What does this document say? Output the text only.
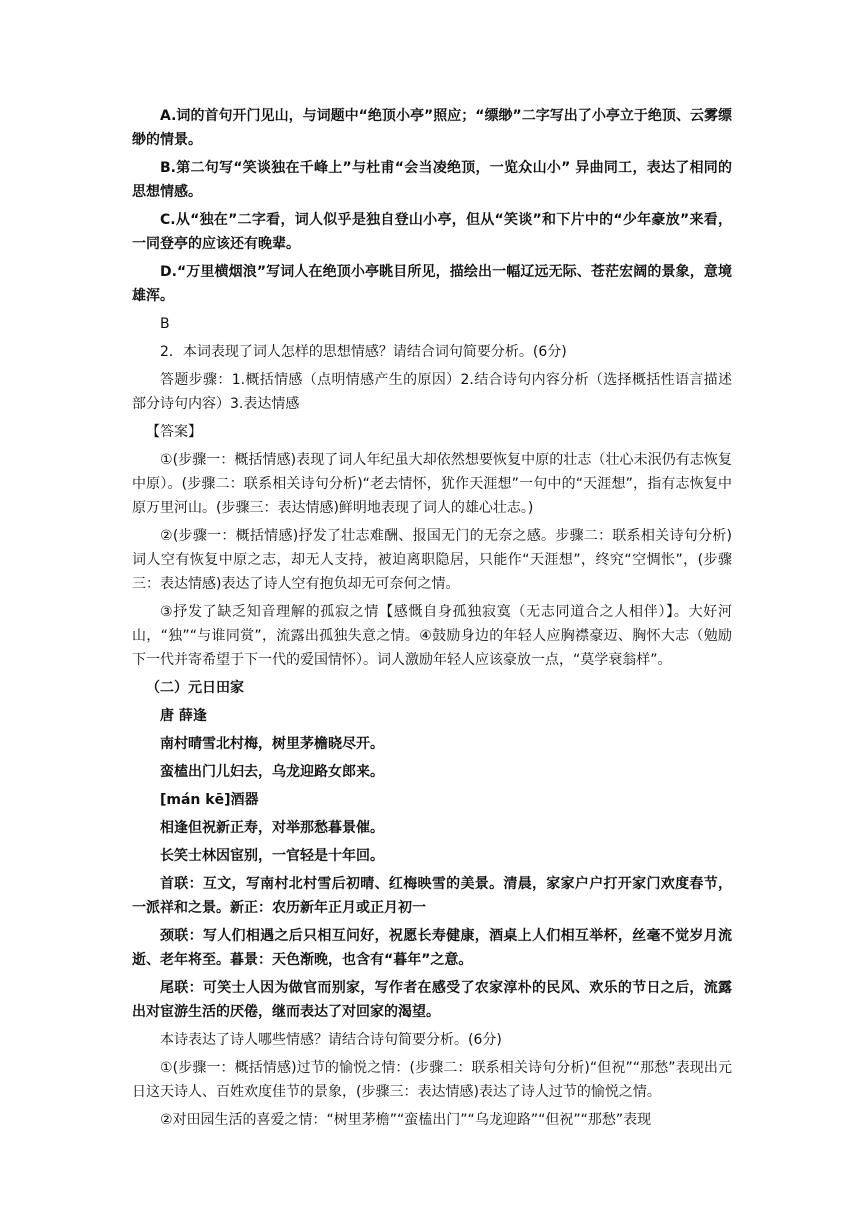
A.词的首句开门见山，与词题中“绝顶小亭”照应；“缥缈”二字写出了小亭立于绝顶、云雾缥缈的情景。

B.第二句写“笑谈独在千峰上”与杜甫“会当凌绝顶，一览众山小” 异曲同工，表达了相同的思想情感。

C.从“独在”二字看，词人似乎是独自登山小亭，但从“笑谈”和下片中的“少年豪放”来看，一同登亭的应该还有晚辈。

D.“万里横烟浪”写词人在绝顶小亭眺目所见，描绘出一幅辽远无际、苍茫宏阔的景象，意境雄浑。

B

2．本词表现了词人怎样的思想情感？请结合词句简要分析。(6分)

答题步骤：1.概括情感（点明情感产生的原因）2.结合诗句内容分析（选择概括性语言描述部分诗句内容）3.表达情感

【答案】

①(步骤一：概括情感)表现了词人年纪虽大却依然想要恢复中原的壮志（壮心未泯仍有志恢复中原）。(步骤二：联系相关诗句分析)“老去情怀，犹作天涯想”一句中的“天涯想”，指有志恢复中原万里河山。(步骤三：表达情感)鲜明地表现了词人的雄心壮志。)

②(步骤一：概括情感)抒发了壮志难酬、报国无门的无奈之感。步骤二：联系相关诗句分析)词人空有恢复中原之志，却无人支持，被迫离职隐居，只能作“天涯想”，终究“空惆怅”，(步骤三：表达情感)表达了诗人空有抱负却无可奈何之情。

③抒发了缺乏知音理解的孤寂之情【感慨自身孤独寂寞（无志同道合之人相伴）】。大好河山，“独”“与谁同赏”，流露出孤独失意之情。④鼓励身边的年轻人应胸襟豪迈、胸怀大志（勉励下一代并寄希望于下一代的爱国情怀）。词人激励年轻人应该豪放一点，“莫学衰翁样”。

（二）元日田家

唐 薛逢

南村晴雪北村梅，树里茅檐晓尽开。

蛮榼出门儿妇去，乌龙迎路女郎来。

[mán kē]酒器

相逢但祝新正寿，对举那愁暮景催。

长笑士林因宦别，一官轻是十年回。

首联：互文，写南村北村雪后初晴、红梅映雪的美景。清晨，家家户户打开家门欢度春节，一派祥和之景。新正：农历新年正月或正月初一

颈联：写人们相遇之后只相互问好，祝愿长寿健康，酒桌上人们相互举杯，丝毫不觉岁月流逝、老年将至。暮景：天色渐晚，也含有“暮年”之意。

尾联：可笑士人因为做官而别家，写作者在感受了农家淳朴的民风、欢乐的节日之后，流露出对宦游生活的厌倦，继而表达了对回家的渴望。

本诗表达了诗人哪些情感？请结合诗句简要分析。(6分)

①(步骤一：概括情感)过节的愉悦之情：(步骤二：联系相关诗句分析)“但祝”“那愁”表现出元日这天诗人、百姓欢度佳节的景象，(步骤三：表达情感)表达了诗人过节的愉悦之情。

②对田园生活的喜爱之情：“树里茅檐”“蛮榼出门”“乌龙迎路”“但祝”“那愁”表现
